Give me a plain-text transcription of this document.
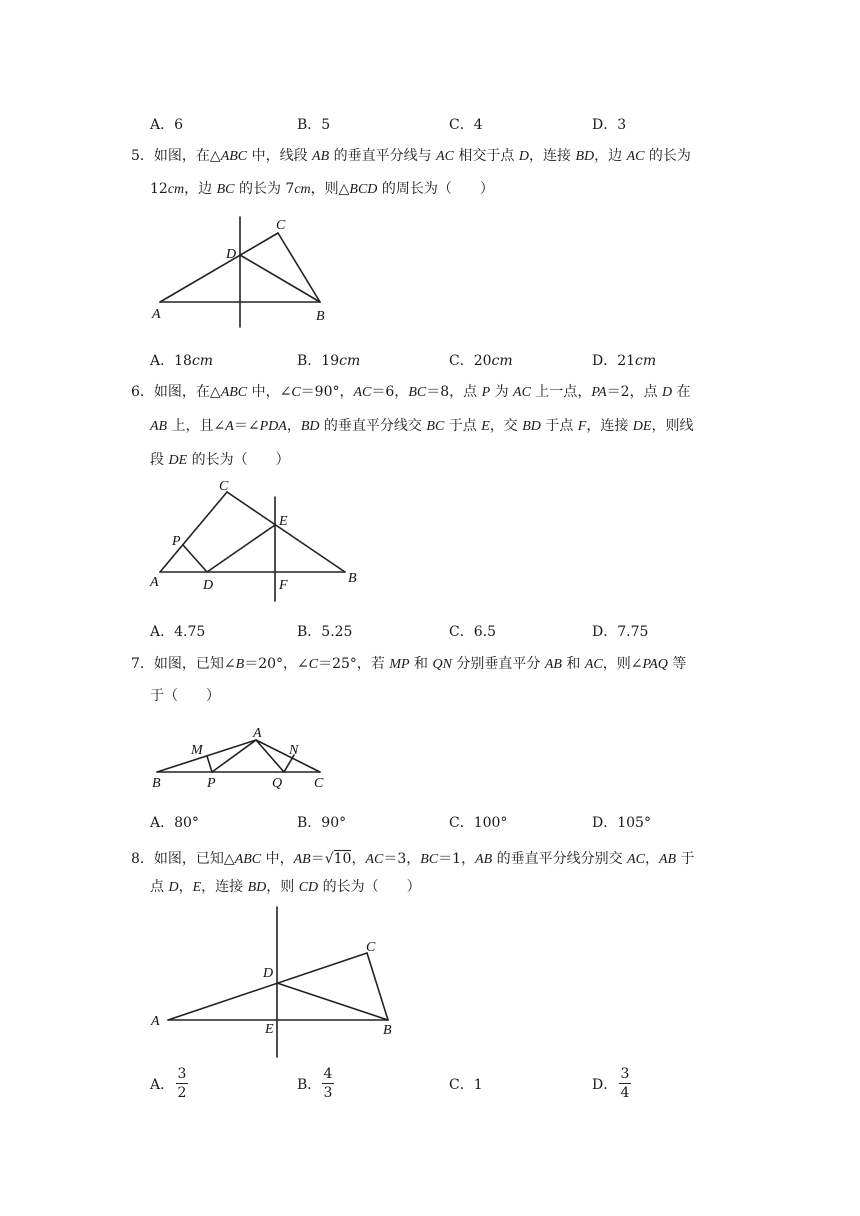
A．6	B．5	C．4	D．3
5．如图，在△ABC 中，线段 AB 的垂直平分线与 AC 相交于点 D，连接 BD，边 AC 的长为
12cm，边 BC 的长为 7cm，则△BCD 的周长为（　　）
A	B
C
D
A．18cm	B．19cm	C．20cm	D．21cm
6．如图，在△ABC 中，∠C＝90°，AC＝6，BC＝8，点 P 为 AC 上一点，PA＝2，点 D 在
AB 上，且∠A＝∠PDA，BD 的垂直平分线交 BC 于点 E，交 BD 于点 F，连接 DE，则线
段 DE 的长为（　　）
A	B
C
D
E
F
P
A．4.75	B．5.25	C．6.5	D．7.75
7．如图，已知∠B＝20°，∠C＝25°，若 MP 和 QN 分别垂直平分 AB 和 AC，则∠PAQ 等
于（　　）
B	C
A
M	N
P	Q
A．80°	B．90°	C．100°	D．105°
8．如图，已知△ABC 中，AB＝√10，AC＝3，BC＝1，AB 的垂直平分线分别交 AC，AB 于
点 D，E，连接 BD，则 CD 的长为（　　）
A
B
C
D
E
A．
3
2	B．
4
3	C．1	D．
3
4
